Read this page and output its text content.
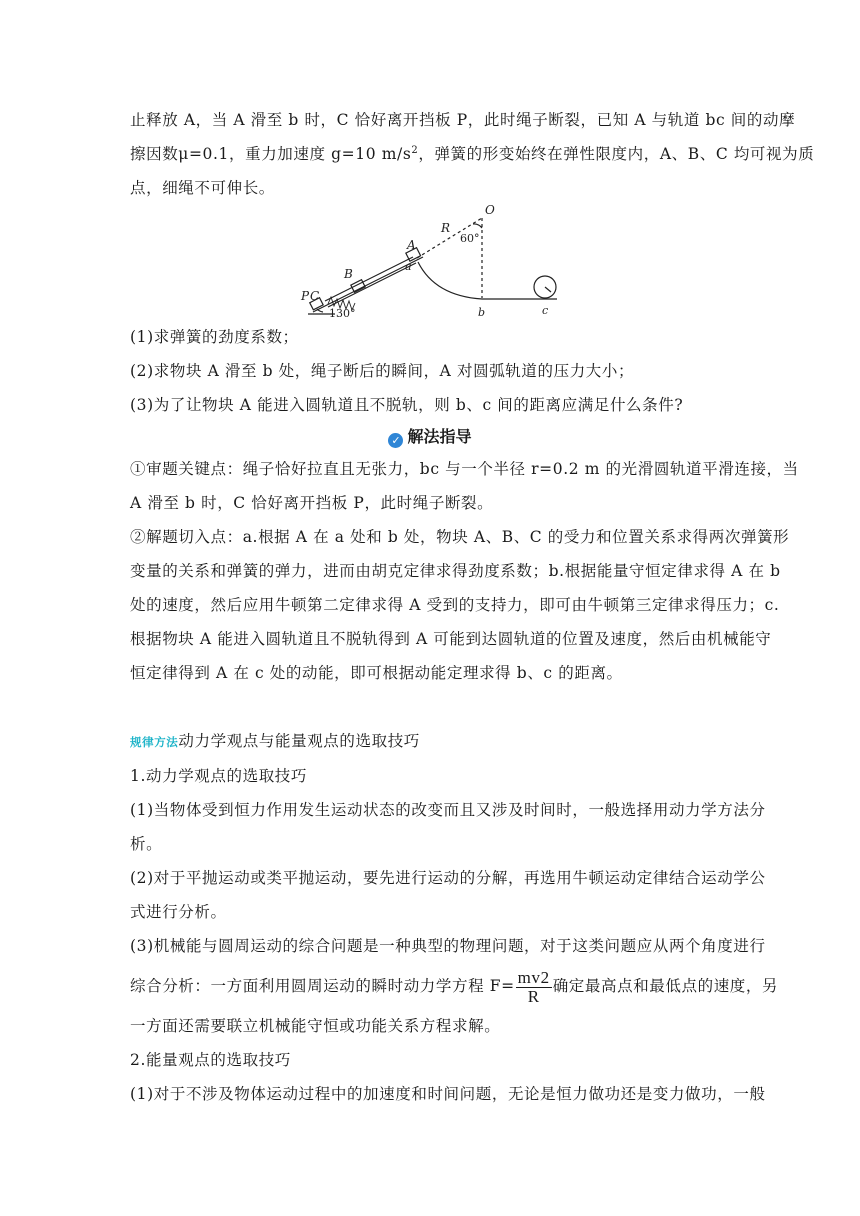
止释放 A，当 A 滑至 b 时，C 恰好离开挡板 P，此时绳子断裂，已知 A 与轨道 bc 间的动摩
擦因数μ=0.1，重力加速度 g=10 $m/s^2$，弹簧的形变始终在弹性限度内，A、B、C 均可视为质
点，细绳不可伸长。
O
R
60°
A
a
B
P C
130°	b	c
(1)求弹簧的劲度系数；
(2)求物块 A 滑至 b 处，绳子断后的瞬间，A 对圆弧轨道的压力大小；
(3)为了让物块 A 能进入圆轨道且不脱轨，则 b、c 间的距离应满足什么条件?
✓ 解法指导
①审题关键点：绳子恰好拉直且无张力，bc 与一个半径 r=0.2 m 的光滑圆轨道平滑连接，当
A 滑至 b 时，C 恰好离开挡板 P，此时绳子断裂。
②解题切入点：a.根据 A 在 a 处和 b 处，物块 A、B、C 的受力和位置关系求得两次弹簧形
变量的关系和弹簧的弹力，进而由胡克定律求得劲度系数；b.根据能量守恒定律求得 A 在 b
处的速度，然后应用牛顿第二定律求得 A 受到的支持力，即可由牛顿第三定律求得压力；c.
根据物块 A 能进入圆轨道且不脱轨得到 A 可能到达圆轨道的位置及速度，然后由机械能守
恒定律得到 A 在 c 处的动能，即可根据动能定理求得 b、c 的距离。
规律方法动力学观点与能量观点的选取技巧
1.动力学观点的选取技巧
(1)当物体受到恒力作用发生运动状态的改变而且又涉及时间时，一般选择用动力学方法分
析。
(2)对于平抛运动或类平抛运动，要先进行运动的分解，再选用牛顿运动定律结合运动学公
式进行分析。
(3)机械能与圆周运动的综合问题是一种典型的物理问题，对于这类问题应从两个角度进行
综合分析：一方面利用圆周运动的瞬时动力学方程 $F= \frac{mv2}{R}$ 确定最高点和最低点的速度，另
一方面还需要联立机械能守恒或功能关系方程求解。
2.能量观点的选取技巧
(1)对于不涉及物体运动过程中的加速度和时间问题，无论是恒力做功还是变力做功，一般
